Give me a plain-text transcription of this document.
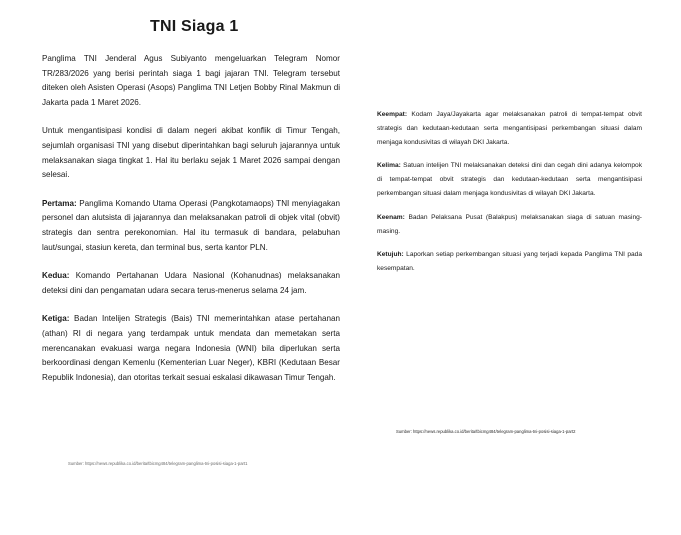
TNI Siaga 1

Panglima TNI Jenderal Agus Subiyanto mengeluarkan Telegram Nomor TR/283/2026 yang berisi perintah siaga 1 bagi jajaran TNI. Telegram tersebut diteken oleh Asisten Operasi (Asops) Panglima TNI Letjen Bobby Rinal Makmun di Jakarta pada 1 Maret 2026.

Untuk mengantisipasi kondisi di dalam negeri akibat konflik di Timur Tengah, sejumlah organisasi TNI yang disebut diperintahkan bagi seluruh jajarannya untuk melaksanakan siaga tingkat 1. Hal itu berlaku sejak 1 Maret 2026 sampai dengan selesai.

Pertama: Panglima Komando Utama Operasi (Pangkotamaops) TNI menyiagakan personel dan alutsista di jajarannya dan melaksanakan patroli di objek vital (obvit) strategis dan sentra perekonomian. Hal itu termasuk di bandara, pelabuhan laut/sungai, stasiun kereta, dan terminal bus, serta kantor PLN.

Kedua: Komando Pertahanan Udara Nasional (Kohanudnas) melaksanakan deteksi dini dan pengamatan udara secara terus-menerus selama 24 jam.

Ketiga: Badan Intelijen Strategis (Bais) TNI memerintahkan atase pertahanan (athan) RI di negara yang terdampak untuk mendata dan memetakan serta merencanakan evakuasi warga negara Indonesia (WNI) bila diperlukan serta berkoordinasi dengan Kemenlu (Kementerian Luar Neger), KBRI (Kedutaan Besar Republik Indonesia), dan otoritas terkait sesuai eskalasi dikawasan Timur Tengah.

Sumber: https://news.republika.co.id/berita/tbicmg484/telegram-panglima-tni-posisi-siaga-1-part1

Keempat: Kodam Jaya/Jayakarta agar melaksanakan patroli di tempat-tempat obvit strategis dan kedutaan-kedutaan serta mengantisipasi perkembangan situasi dalam menjaga kondusivitas di wilayah DKI Jakarta.

Kelima: Satuan intelijen TNI melaksanakan deteksi dini dan cegah dini adanya kelompok di tempat-tempat obvit strategis dan kedutaan-kedutaan serta mengantisipasi perkembangan situasi dalam menjaga kondusivitas di wilayah DKI Jakarta.

Keenam: Badan Pelaksana Pusat (Balakpus) melaksanakan siaga di satuan masing-masing.

Ketujuh: Laporkan setiap perkembangan situasi yang terjadi kepada Panglima TNI pada kesempatan.

Sumber: https://news.republika.co.id/berita/tbicmg484/telegram-panglima-tni-posisi-siaga-1-part2
